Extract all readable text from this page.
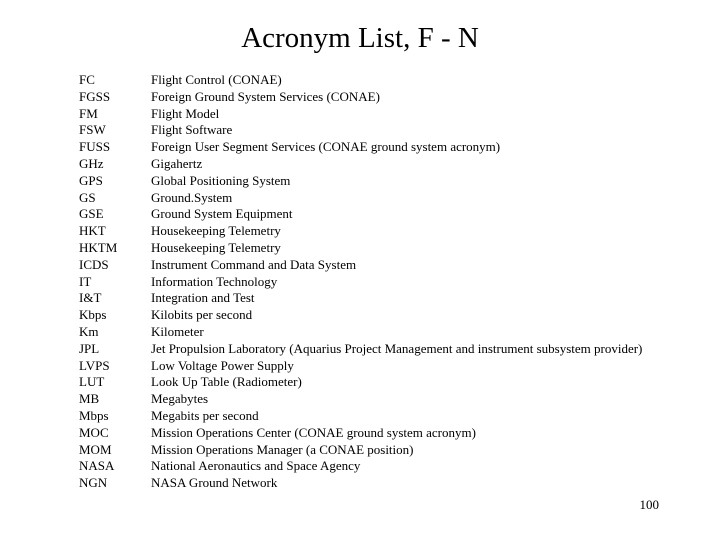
Acronym List, F - N
FC	Flight Control (CONAE)
FGSS	Foreign Ground System Services (CONAE)
FM	Flight Model
FSW	Flight Software
FUSS	Foreign User Segment Services (CONAE ground system acronym)
GHz	Gigahertz
GPS	Global Positioning System
GS	Ground.System
GSE	Ground System Equipment
HKT	Housekeeping Telemetry
HKTM	Housekeeping Telemetry
ICDS	Instrument Command and Data System
IT	Information Technology
I&T	Integration and Test
Kbps	Kilobits per second
Km	Kilometer
JPL	Jet Propulsion Laboratory (Aquarius Project Management and instrument subsystem provider)
LVPS	Low Voltage Power Supply
LUT	Look Up Table (Radiometer)
MB	Megabytes
Mbps	Megabits per second
MOC	Mission Operations Center (CONAE ground system acronym)
MOM	Mission Operations Manager (a CONAE position)
NASA	National Aeronautics and Space Agency
NGN	NASA Ground Network
100
